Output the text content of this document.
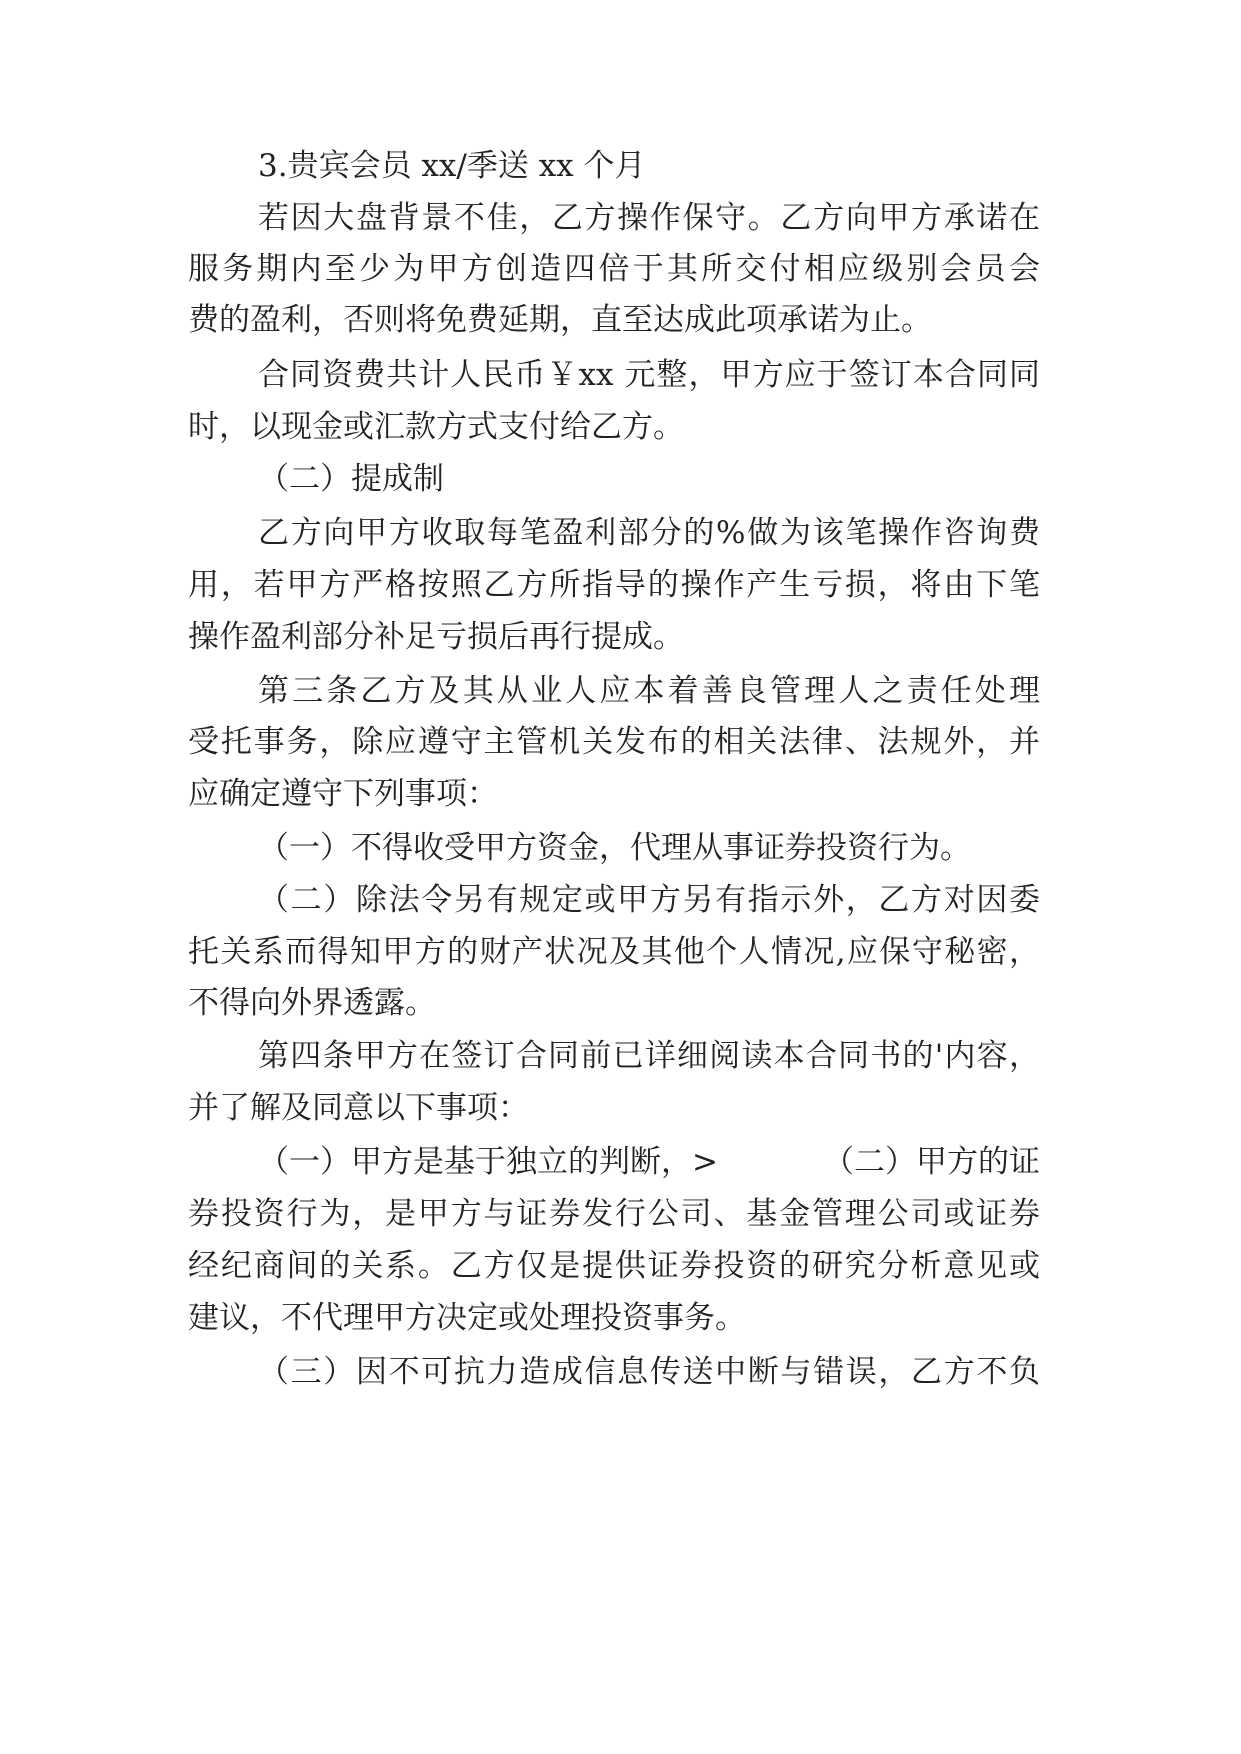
3.贵宾会员 xx/季送 xx 个月
若因大盘背景不佳，乙方操作保守。乙方向甲方承诺在
服务期内至少为甲方创造四倍于其所交付相应级别会员会
费的盈利，否则将免费延期，直至达成此项承诺为止。
合同资费共计人民币￥xx 元整，甲方应于签订本合同同
时，以现金或汇款方式支付给乙方。
（二）提成制
乙方向甲方收取每笔盈利部分的%做为该笔操作咨询费
用，若甲方严格按照乙方所指导的操作产生亏损，将由下笔
操作盈利部分补足亏损后再行提成。
第三条乙方及其从业人应本着善良管理人之责任处理
受托事务，除应遵守主管机关发布的相关法律、法规外，并
应确定遵守下列事项：
（一）不得收受甲方资金，代理从事证券投资行为。
（二）除法令另有规定或甲方另有指示外，乙方对因委
托关系而得知甲方的财产状况及其他个人情况,应保守秘密，
不得向外界透露。
第四条甲方在签订合同前已详细阅读本合同书的'内容，
并了解及同意以下事项：
（一）甲方是基于独立的判断，>	（二）甲方的证
券投资行为，是甲方与证券发行公司、基金管理公司或证券
经纪商间的关系。乙方仅是提供证券投资的研究分析意见或
建议，不代理甲方决定或处理投资事务。
（三）因不可抗力造成信息传送中断与错误，乙方不负
